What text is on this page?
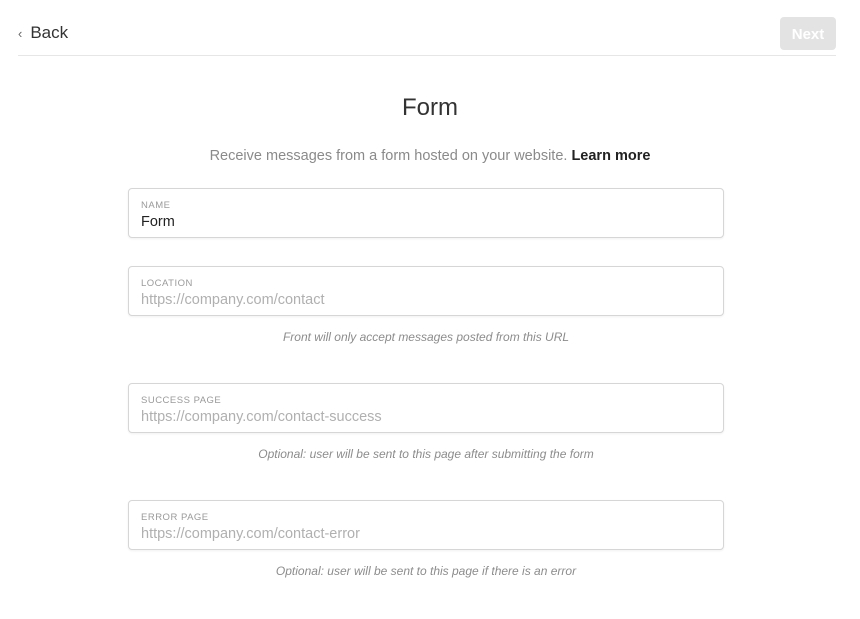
‹ Back	Next
Form
Receive messages from a form hosted on your website. Learn more
NAME
Form
LOCATION
https://company.com/contact
Front will only accept messages posted from this URL
SUCCESS PAGE
https://company.com/contact-success
Optional: user will be sent to this page after submitting the form
ERROR PAGE
https://company.com/contact-error
Optional: user will be sent to this page if there is an error
